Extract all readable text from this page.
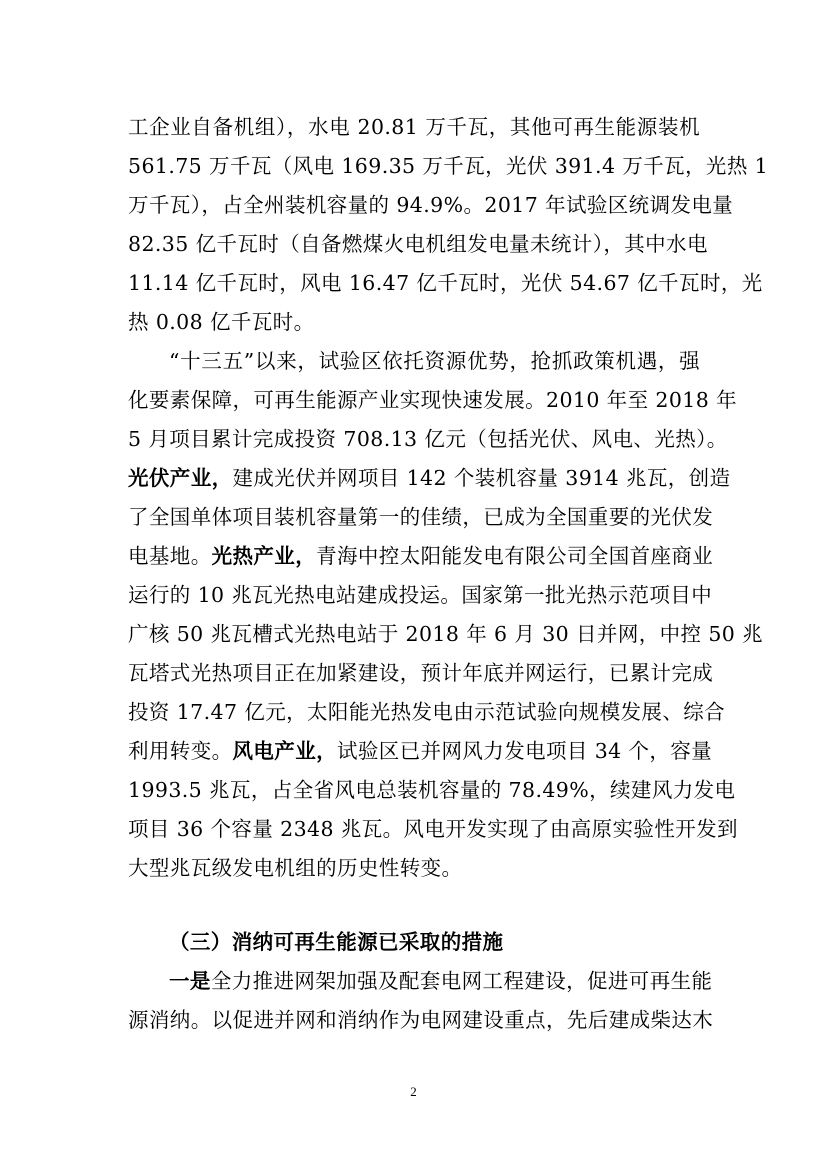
工企业自备机组），水电 20.81 万千瓦，其他可再生能源装机
561.75 万千瓦（风电 169.35 万千瓦，光伏 391.4 万千瓦，光热 1
万千瓦），占全州装机容量的 94.9%。2017 年试验区统调发电量
82.35 亿千瓦时（自备燃煤火电机组发电量未统计），其中水电
11.14 亿千瓦时，风电 16.47 亿千瓦时，光伏 54.67 亿千瓦时，光
热 0.08 亿千瓦时。
“十三五”以来，试验区依托资源优势，抢抓政策机遇，强
化要素保障，可再生能源产业实现快速发展。2010 年至 2018 年
5 月项目累计完成投资 708.13 亿元（包括光伏、风电、光热）。
光伏产业，建成光伏并网项目 142 个装机容量 3914 兆瓦，创造
了全国单体项目装机容量第一的佳绩，已成为全国重要的光伏发
电基地。光热产业，青海中控太阳能发电有限公司全国首座商业
运行的 10 兆瓦光热电站建成投运。国家第一批光热示范项目中
广核 50 兆瓦槽式光热电站于 2018 年 6 月 30 日并网，中控 50 兆
瓦塔式光热项目正在加紧建设，预计年底并网运行，已累计完成
投资 17.47 亿元，太阳能光热发电由示范试验向规模发展、综合
利用转变。风电产业，试验区已并网风力发电项目 34 个，容量
1993.5 兆瓦，占全省风电总装机容量的 78.49%，续建风力发电
项目 36 个容量 2348 兆瓦。风电开发实现了由高原实验性开发到
大型兆瓦级发电机组的历史性转变。
（三）消纳可再生能源已采取的措施
一是全力推进网架加强及配套电网工程建设，促进可再生能
源消纳。以促进并网和消纳作为电网建设重点，先后建成柴达木
2
